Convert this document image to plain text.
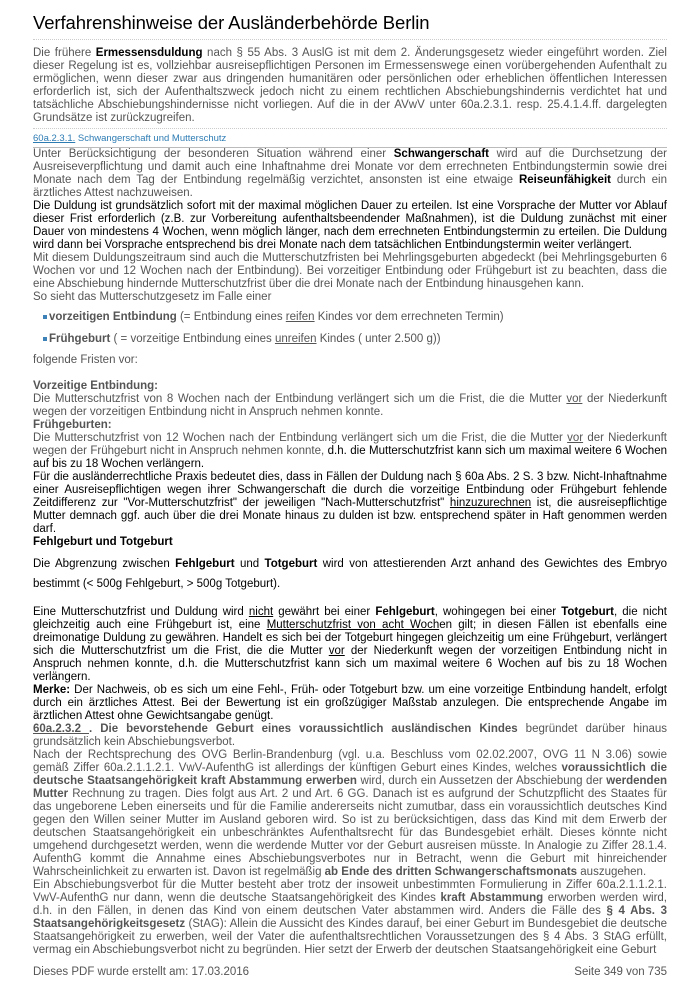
Verfahrenshinweise der Ausländerbehörde Berlin

Die frühere Ermessensduldung nach § 55 Abs. 3 AuslG ist mit dem 2. Änderungsgesetz wieder eingeführt worden. Ziel dieser Regelung ist es, vollziehbar ausreisepflichtigen Personen im Ermessenswege einen vorübergehenden Aufenthalt zu ermöglichen, wenn dieser zwar aus dringenden humanitären oder persönlichen oder erheblichen öffentlichen Interessen erforderlich ist, sich der Aufenthaltszweck jedoch nicht zu einem rechtlichen Abschiebungshindernis verdichtet hat und tatsächliche Abschiebungshindernisse nicht vorliegen. Auf die in der AVwV unter 60a.2.3.1. resp. 25.4.1.4.ff. dargelegten Grundsätze ist zurückzugreifen.

60a.2.3.1. Schwangerschaft und Mutterschutz

Unter Berücksichtigung der besonderen Situation während einer Schwangerschaft wird auf die Durchsetzung der Ausreiseverpflichtung und damit auch eine Inhaftnahme drei Monate vor dem errechneten Entbindungstermin sowie drei Monate nach dem Tag der Entbindung regelmäßig verzichtet, ansonsten ist eine etwaige Reiseunfähigkeit durch ein ärztliches Attest nachzuweisen.

Die Duldung ist grundsätzlich sofort mit der maximal möglichen Dauer zu erteilen. Ist eine Vorsprache der Mutter vor Ablauf dieser Frist erforderlich (z.B. zur Vorbereitung aufenthaltsbeendender Maßnahmen), ist die Duldung zunächst mit einer Dauer von mindestens 4 Wochen, wenn möglich länger, nach dem errechneten Entbindungstermin zu erteilen. Die Duldung wird dann bei Vorsprache entsprechend bis drei Monate nach dem tatsächlichen Entbindungstermin weiter verlängert.

Mit diesem Duldungszeitraum sind auch die Mutterschutzfristen bei Mehrlingsgeburten abgedeckt (bei Mehrlingsgeburten 6 Wochen vor und 12 Wochen nach der Entbindung). Bei vorzeitiger Entbindung oder Frühgeburt ist zu beachten, dass die eine Abschiebung hindernde Mutterschutzfrist über die drei Monate nach der Entbindung hinausgehen kann.

So sieht das Mutterschutzgesetz im Falle einer

vorzeitigen Entbindung (= Entbindung eines reifen Kindes vor dem errechneten Termin)
Frühgeburt ( = vorzeitige Entbindung eines unreifen Kindes ( unter 2.500 g))

folgende Fristen vor:

Vorzeitige Entbindung:

Die Mutterschutzfrist von 8 Wochen nach der Entbindung verlängert sich um die Frist, die die Mutter vor der Niederkunft wegen der vorzeitigen Entbindung nicht in Anspruch nehmen konnte.

Frühgeburten:

Die Mutterschutzfrist von 12 Wochen nach der Entbindung verlängert sich um die Frist, die die Mutter vor der Niederkunft wegen der Frühgeburt nicht in Anspruch nehmen konnte, d.h. die Mutterschutzfrist kann sich um maximal weitere 6 Wochen auf bis zu 18 Wochen verlängern.

Für die ausländerrechtliche Praxis bedeutet dies, dass in Fällen der Duldung nach § 60a Abs. 2 S. 3 bzw. Nicht-Inhaftnahme einer Ausreisepflichtigen wegen ihrer Schwangerschaft die durch die vorzeitige Entbindung oder Frühgeburt fehlende Zeitdifferenz zur "Vor-Mutterschutzfrist" der jeweiligen "Nach-Mutterschutzfrist" hinzuzurechnen ist, die ausreisepflichtige Mutter demnach ggf. auch über die drei Monate hinaus zu dulden ist bzw. entsprechend später in Haft genommen werden darf.

Fehlgeburt und Totgeburt

Die Abgrenzung zwischen Fehlgeburt und Totgeburt wird von attestierenden Arzt anhand des Gewichtes des Embryo bestimmt (< 500g Fehlgeburt, > 500g Totgeburt).

Eine Mutterschutzfrist und Duldung wird nicht gewährt bei einer Fehlgeburt, wohingegen bei einer Totgeburt, die nicht gleichzeitig auch eine Frühgeburt ist, eine Mutterschutzfrist von acht Wochen gilt; in diesen Fällen ist ebenfalls eine dreimonatige Duldung zu gewähren. Handelt es sich bei der Totgeburt hingegen gleichzeitig um eine Frühgeburt, verlängert sich die Mutterschutzfrist um die Frist, die die Mutter vor der Niederkunft wegen der vorzeitigen Entbindung nicht in Anspruch nehmen konnte, d.h. die Mutterschutzfrist kann sich um maximal weitere 6 Wochen auf bis zu 18 Wochen verlängern.

Merke: Der Nachweis, ob es sich um eine Fehl-, Früh- oder Totgeburt bzw. um eine vorzeitige Entbindung handelt, erfolgt durch ein ärztliches Attest. Bei der Bewertung ist ein großzügiger Maßstab anzulegen. Die entsprechende Angabe im ärztlichen Attest ohne Gewichtsangabe genügt.

60a.2.3.2 . Die bevorstehende Geburt eines voraussichtlich ausländischen Kindes begründet darüber hinaus grundsätzlich kein Abschiebungsverbot.

Nach der Rechtsprechung des OVG Berlin-Brandenburg (vgl. u.a. Beschluss vom 02.02.2007, OVG 11 N 3.06) sowie gemäß Ziffer 60a.2.1.1.2.1. VwV-AufenthG ist allerdings der künftigen Geburt eines Kindes, welches voraussichtlich die deutsche Staatsangehörigkeit kraft Abstammung erwerben wird, durch ein Aussetzen der Abschiebung der werdenden Mutter Rechnung zu tragen. Dies folgt aus Art. 2 und Art. 6 GG. Danach ist es aufgrund der Schutzpflicht des Staates für das ungeborene Leben einerseits und für die Familie andererseits nicht zumutbar, dass ein voraussichtlich deutsches Kind gegen den Willen seiner Mutter im Ausland geboren wird. So ist zu berücksichtigen, dass das Kind mit dem Erwerb der deutschen Staatsangehörigkeit ein unbeschränktes Aufenthaltsrecht für das Bundesgebiet erhält. Dieses könnte nicht umgehend durchgesetzt werden, wenn die werdende Mutter vor der Geburt ausreisen müsste. In Analogie zu Ziffer 28.1.4. AufenthG kommt die Annahme eines Abschiebungsverbotes nur in Betracht, wenn die Geburt mit hinreichender Wahrscheinlichkeit zu erwarten ist. Davon ist regelmäßig ab Ende des dritten Schwangerschaftsmonats auszugehen.

Ein Abschiebungsverbot für die Mutter besteht aber trotz der insoweit unbestimmten Formulierung in Ziffer 60a.2.1.1.2.1. VwV-AufenthG nur dann, wenn die deutsche Staatsangehörigkeit des Kindes kraft Abstammung erworben werden wird, d.h. in den Fällen, in denen das Kind von einem deutschen Vater abstammen wird. Anders die Fälle des § 4 Abs. 3 Staatsangehörigkeitsgesetz (StAG): Allein die Aussicht des Kindes darauf, bei einer Geburt im Bundesgebiet die deutsche Staatsangehörigkeit zu erwerben, weil der Vater die aufenthaltsrechtlichen Voraussetzungen des § 4 Abs. 3 StAG erfüllt, vermag ein Abschiebungsverbot nicht zu begründen. Hier setzt der Erwerb der deutschen Staatsangehörigkeit eine Geburt

Dieses PDF wurde erstellt am: 17.03.2016	Seite 349 von 735
